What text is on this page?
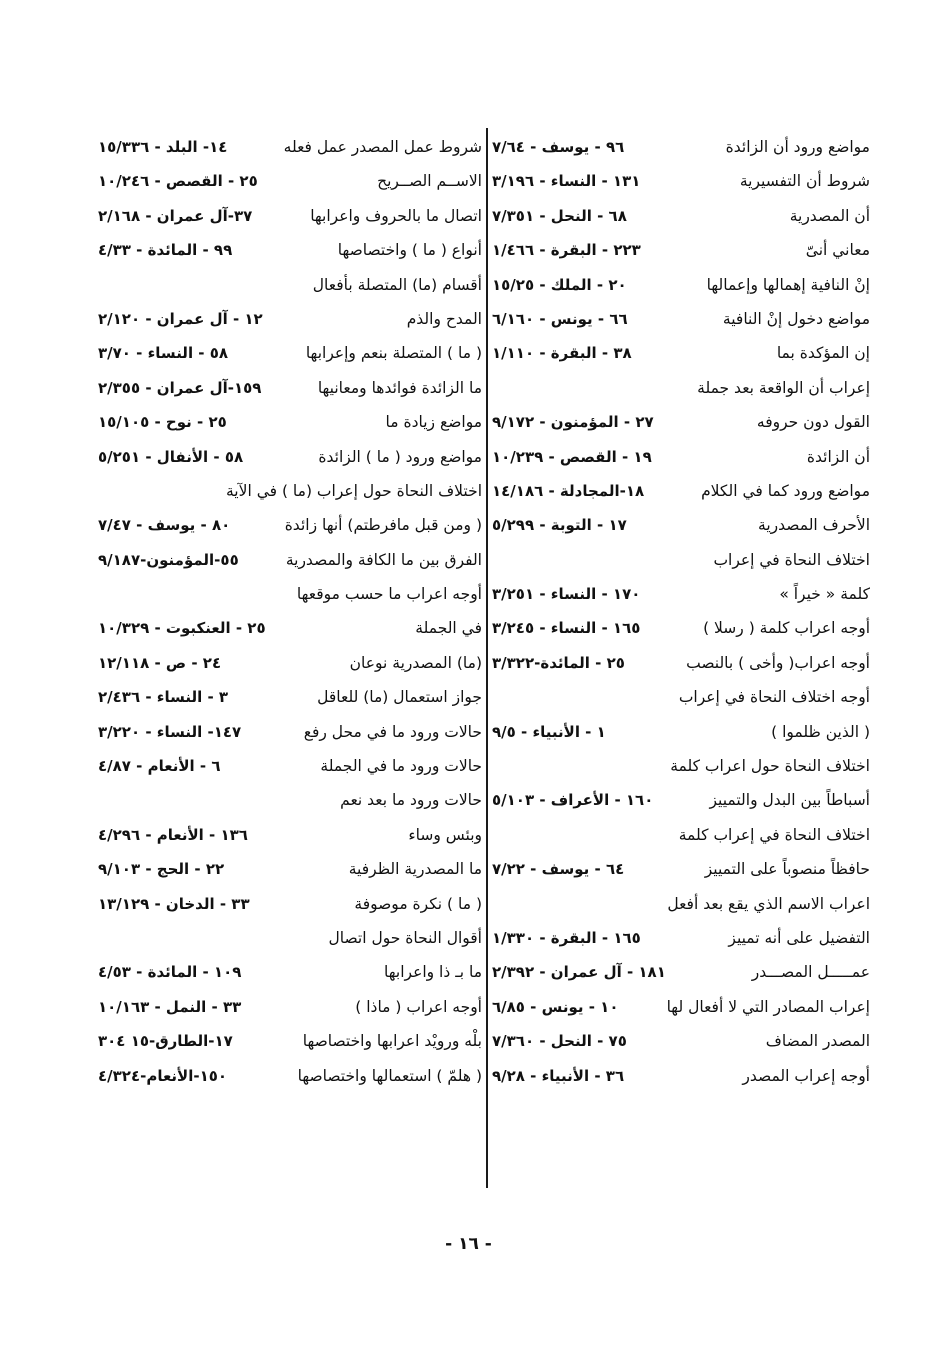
مواضع ورود أن الزائدة
٩٦ - يوسف - ٧/٦٤
شروط أن التفسيرية
١٣١ - النساء - ٣/١٩٦
أن المصدرية
٦٨ - النحل - ٧/٣٥١
معاني أنىّ
٢٢٣ - البقرة - ١/٤٦٦
إنْ النافية إهمالها وإعمالها
٢٠ - الملك - ١٥/٢٥
مواضع دخول إنْ النافية
٦٦ - يونس - ٦/١٦٠
إن المؤكدة بما
٣٨ - البقرة - ١/١١٠
إعراب أن الواقعة بعد جملة
القول دون حروفه
٢٧ - المؤمنون - ٩/١٧٢
أن الزائدة
١٩ - القصص - ١٠/٢٣٩
مواضع ورود كما في الكلام
١٨-المجادلة - ١٤/١٨٦
الأحرف المصدرية
١٧ - التوبة - ٥/٢٩٩
اختلاف النحاة في إعراب
كلمة « خيراً »
١٧٠ - النساء - ٣/٢٥١
أوجه اعراب كلمة ( رسلا )
١٦٥ - النساء - ٣/٢٤٥
أوجه اعراب( وأخى ) بالنصب
٢٥ - المائدة-٣/٣٢٢
أوجه اختلاف النحاة في إعراب
( الذين ظلموا )
١ - الأنبياء - ٩/٥
اختلاف النحاة حول اعراب كلمة
أسباطاً بين البدل والتمييز
١٦٠ - الأعراف - ٥/١٠٣
اختلاف النحاة في إعراب كلمة
حافظاً منصوباً على التمييز
٦٤ - يوسف - ٧/٢٢
اعراب الاسم الذي يقع بعد أفعل
التفضيل على أنه تمييز
١٦٥ - البقرة - ١/٣٣٠
عمـــــل المصـــدر
١٨١ - آل عمران - ٢/٣٩٢
إعراب المصادر التي لا أفعال لها
١٠ - يونس - ٦/٨٥
المصدر المضاف
٧٥ - النحل - ٧/٣٦٠
أوجه إعراب المصدر
٣٦ - الأنبياء - ٩/٢٨
شروط عمل المصدر عمل فعله
١٤- البلد - ١٥/٣٣٦
الاســم الصــريح
٢٥ - القصص - ١٠/٢٤٦
اتصال ما بالحروف واعرابها
٣٧-آل عمران - ٢/١٦٨
أنواع ( ما ) واختصاصها
٩٩ - المائدة - ٤/٣٣
أقسام (ما) المتصلة بأفعال
المدح والذم
١٢ - آل عمران - ٢/١٢٠
( ما ) المتصلة بنعم وإعرابها
٥٨ - النساء - ٣/٧٠
ما الزائدة فوائدها ومعانيها
١٥٩-آل عمران - ٢/٣٥٥
مواضع زيادة ما
٢٥ - نوح - ١٥/١٠٥
مواضع ورود ( ما ) الزائدة
٥٨ - الأنفال - ٥/٢٥١
اختلاف النحاة حول إعراب (ما ) في الآية
( ومن قبل مافرطتم) أنها زائدة
٨٠ - يوسف - ٧/٤٧
الفرق بين ما الكافة والمصدرية
٥٥-المؤمنون-٩/١٨٧
أوجه اعراب ما حسب موقعها
في الجملة
٢٥ - العنكبوت - ١٠/٣٢٩
(ما) المصدرية نوعان
٢٤ - ص - ١٢/١١٨
جواز استعمال (ما) للعاقل
٣ - النساء - ٢/٤٣٦
حالات ورود ما في محل رفع
١٤٧- النساء - ٣/٢٢٠
حالات ورود ما في الجملة
٦ - الأنعام - ٤/٨٧
حالات ورود ما بعد نعم
وبئس وساء
١٣٦ - الأنعام - ٤/٢٩٦
ما المصدرية الظرفية
٢٢ - الحج - ٩/١٠٣
( ما ) نكرة موصوفة
٣٣ - الدخان - ١٣/١٢٩
أقوال النحاة حول اتصال
ما بـ ذا واعرابها
١٠٩ - المائدة - ٤/٥٣
أوجه اعراب ( ماذا )
٣٣ - النمل - ١٠/١٦٣
بلْه ورويْد اعرابها واختصاصها
١٧-الطارق-١٥ ٣٠٤
( هلمّ ) استعمالها واختصاصها
١٥٠-الأنعام-٤/٣٢٤
- ١٦ -
